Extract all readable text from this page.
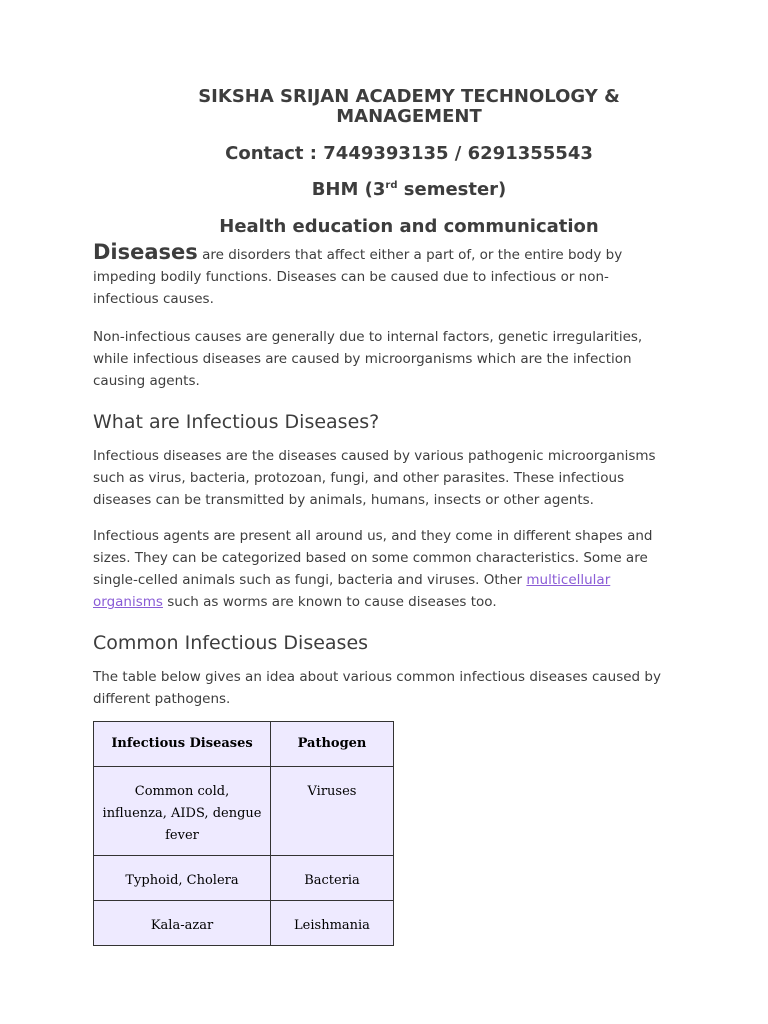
SIKSHA SRIJAN ACADEMY TECHNOLOGY & MANAGEMENT
Contact : 7449393135 / 6291355543
BHM (3rd semester)
Health education and communication

Diseases are disorders that affect either a part of, or the entire body by impeding bodily functions. Diseases can be caused due to infectious or non-infectious causes.

Non-infectious causes are generally due to internal factors, genetic irregularities, while infectious diseases are caused by microorganisms which are the infection causing agents.

What are Infectious Diseases?

Infectious diseases are the diseases caused by various pathogenic microorganisms such as virus, bacteria, protozoan, fungi, and other parasites. These infectious diseases can be transmitted by animals, humans, insects or other agents.

Infectious agents are present all around us, and they come in different shapes and sizes. They can be categorized based on some common characteristics. Some are single-celled animals such as fungi, bacteria and viruses. Other multicellular organisms such as worms are known to cause diseases too.

Common Infectious Diseases

The table below gives an idea about various common infectious diseases caused by different pathogens.

Infectious Diseases	Pathogen

Common cold, influenza, AIDS, dengue fever	Viruses

Typhoid, Cholera	Bacteria

Kala-azar	Leishmania
